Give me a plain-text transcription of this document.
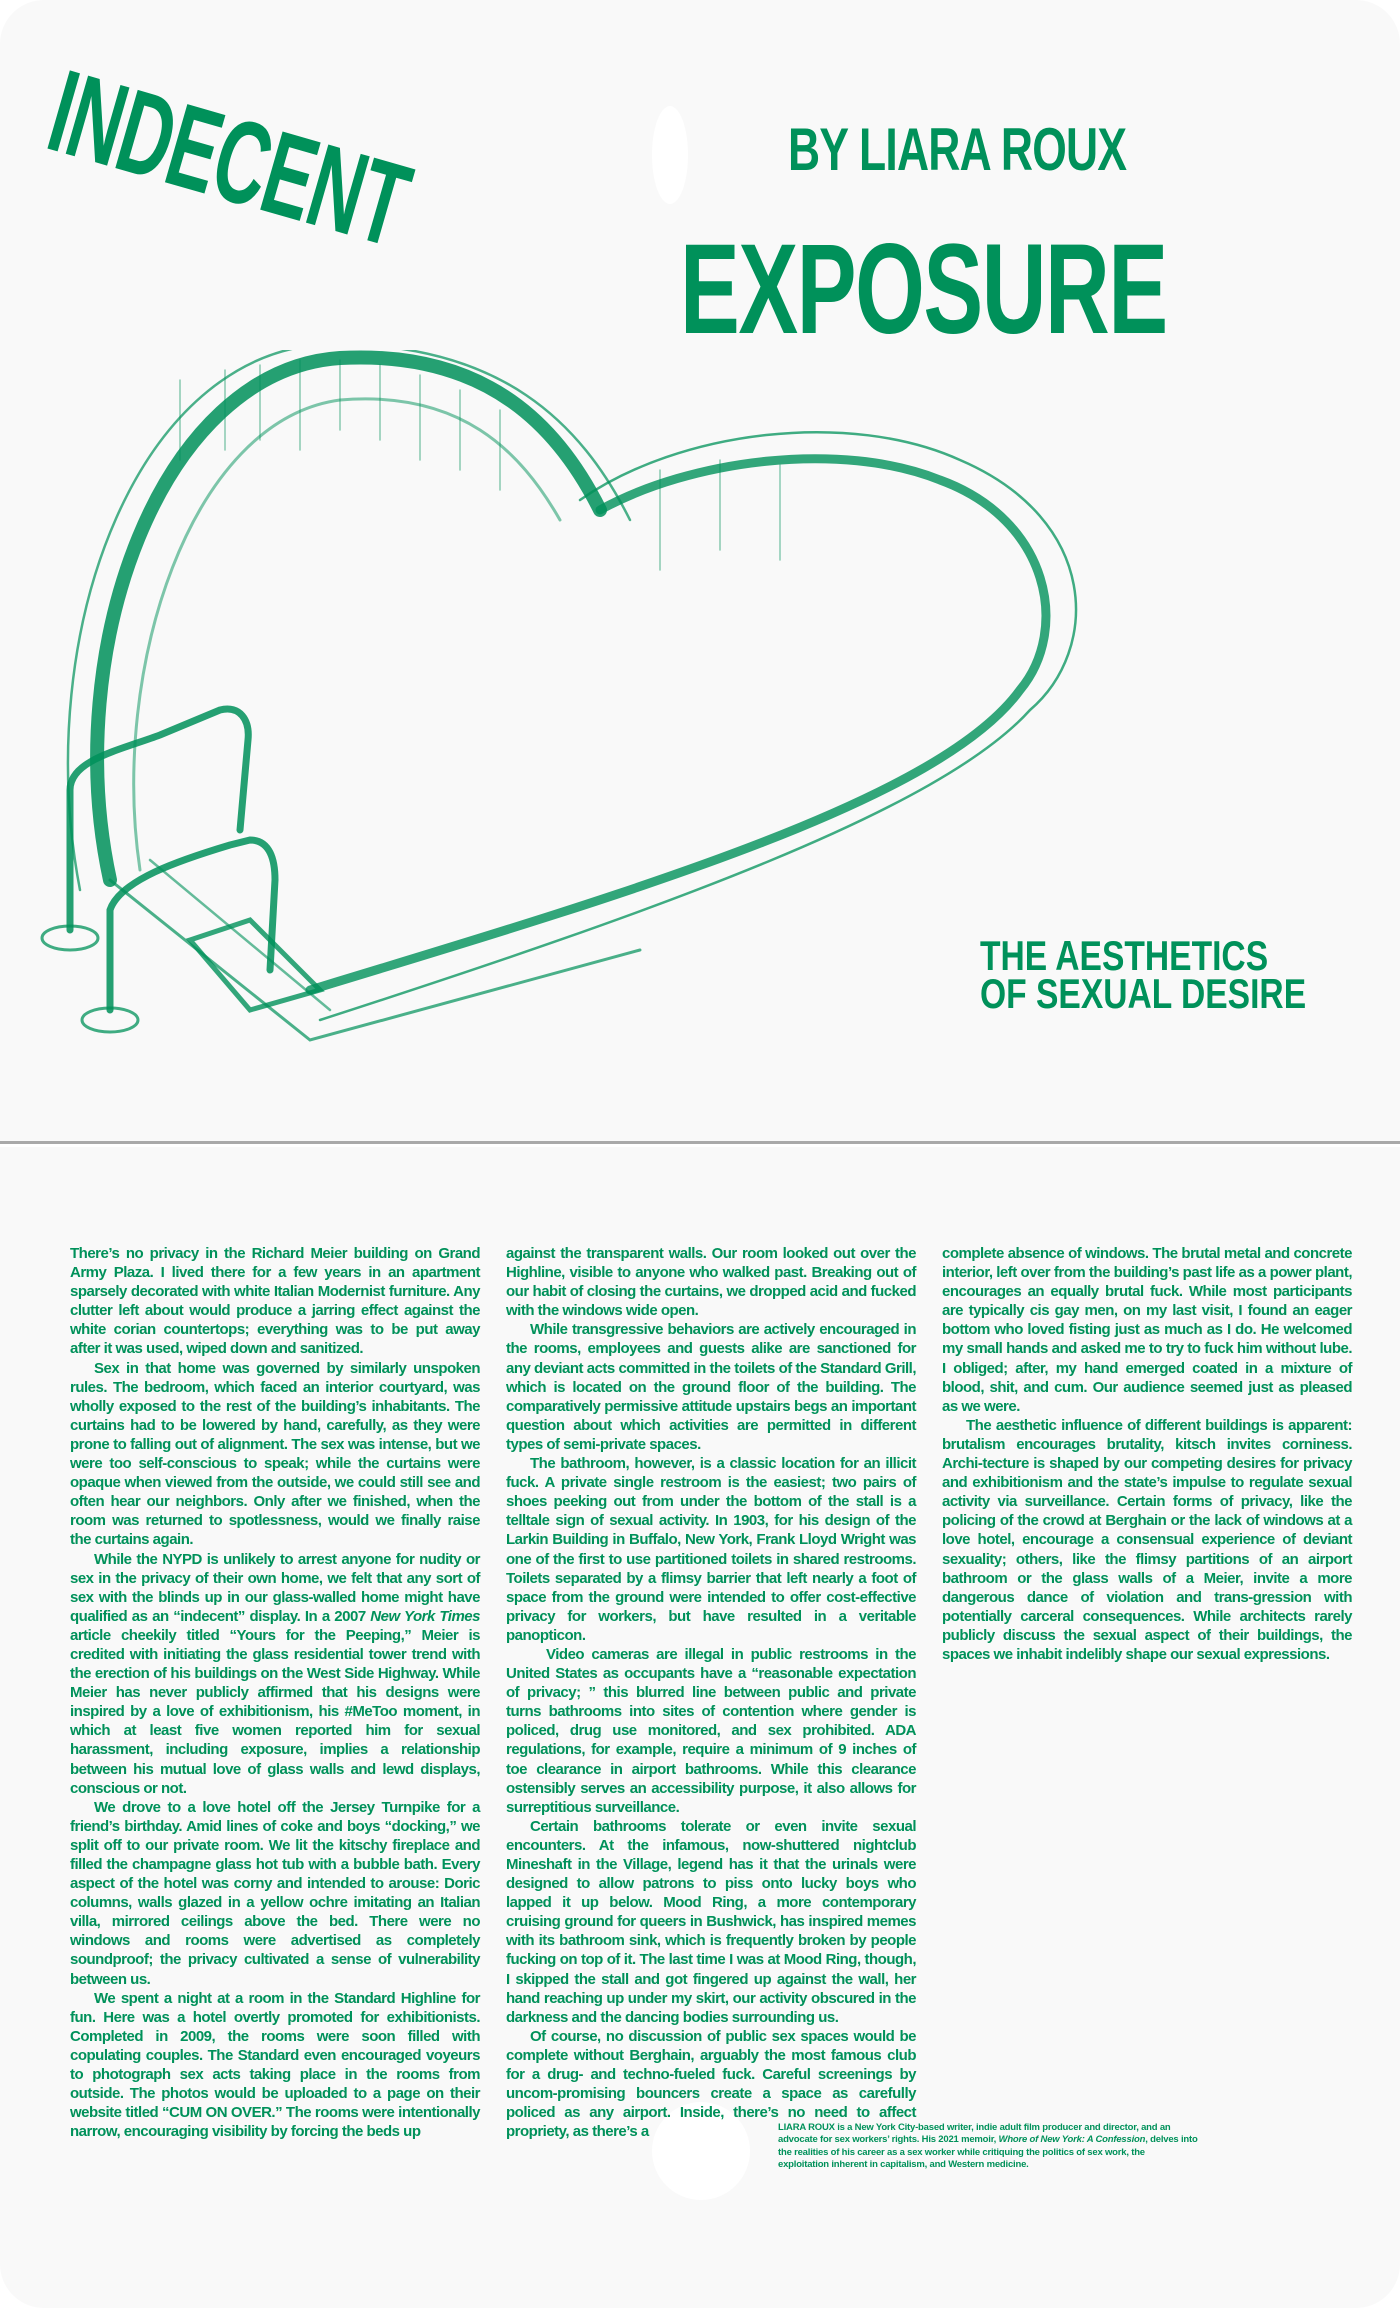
INDECENT	BY LIARA ROUX
EXPOSURE
THE AESTHETICS
OF SEXUAL DESIRE

There’s no privacy in the Richard Meier building on Grand Army Plaza. I lived there for a few years in an apartment sparsely decorated with white Italian Modernist furniture. Any clutter left about would produce a jarring effect against the white corian countertops; everything was to be put away after it was used, wiped down and sanitized.

Sex in that home was governed by similarly unspoken rules. The bedroom, which faced an interior courtyard, was wholly exposed to the rest of the building’s inhabitants. The curtains had to be lowered by hand, carefully, as they were prone to falling out of alignment. The sex was intense, but we were too self-conscious to speak; while the curtains were opaque when viewed from the outside, we could still see and often hear our neighbors. Only after we finished, when the room was returned to spotlessness, would we finally raise the curtains again.

While the NYPD is unlikely to arrest anyone for nudity or sex in the privacy of their own home, we felt that any sort of sex with the blinds up in our glass-walled home might have qualified as an “indecent” display. In a 2007 New York Times article cheekily titled “Yours for the Peeping,” Meier is credited with initiating the glass residential tower trend with the erection of his buildings on the West Side Highway. While Meier has never publicly affirmed that his designs were inspired by a love of exhibitionism, his #MeToo moment, in which at least five women reported him for sexual harassment, including exposure, implies a relationship between his mutual love of glass walls and lewd displays, conscious or not.

We drove to a love hotel off the Jersey Turnpike for a friend’s birthday. Amid lines of coke and boys “docking,” we split off to our private room. We lit the kitschy fireplace and filled the champagne glass hot tub with a bubble bath. Every aspect of the hotel was corny and intended to arouse: Doric columns, walls glazed in a yellow ochre imitating an Italian villa, mirrored ceilings above the bed. There were no windows and rooms were advertised as completely soundproof; the privacy cultivated a sense of vulnerability between us.

We spent a night at a room in the Standard Highline for fun. Here was a hotel overtly promoted for exhibitionists. Completed in 2009, the rooms were soon filled with copulating couples. The Standard even encouraged voyeurs to photograph sex acts taking place in the rooms from outside. The photos would be uploaded to a page on their website titled “CUM ON OVER.” The rooms were intentionally narrow, encouraging visibility by forcing the beds up

against the transparent walls. Our room looked out over the Highline, visible to anyone who walked past. Breaking out of our habit of closing the curtains, we dropped acid and fucked with the windows wide open.

While transgressive behaviors are actively encouraged in the rooms, employees and guests alike are sanctioned for any deviant acts committed in the toilets of the Standard Grill, which is located on the ground floor of the building. The comparatively permissive attitude upstairs begs an important question about which activities are permitted in different types of semi-private spaces.

The bathroom, however, is a classic location for an illicit fuck. A private single restroom is the easiest; two pairs of shoes peeking out from under the bottom of the stall is a telltale sign of sexual activity. In 1903, for his design of the Larkin Building in Buffalo, New York, Frank Lloyd Wright was one of the first to use partitioned toilets in shared restrooms. Toilets separated by a flimsy barrier that left nearly a foot of space from the ground were intended to offer cost-effective privacy for workers, but have resulted in a veritable panopticon.

Video cameras are illegal in public restrooms in the United States as occupants have a “reasonable expectation of privacy; ” this blurred line between public and private turns bathrooms into sites of contention where gender is policed, drug use monitored, and sex prohibited. ADA regulations, for example, require a minimum of 9 inches of toe clearance in airport bathrooms. While this clearance ostensibly serves an accessibility purpose, it also allows for surreptitious surveillance.

Certain bathrooms tolerate or even invite sexual encounters. At the infamous, now-shuttered nightclub Mineshaft in the Village, legend has it that the urinals were designed to allow patrons to piss onto lucky boys who lapped it up below. Mood Ring, a more contemporary cruising ground for queers in Bushwick, has inspired memes with its bathroom sink, which is frequently broken by people fucking on top of it. The last time I was at Mood Ring, though, I skipped the stall and got fingered up against the wall, her hand reaching up under my skirt, our activity obscured in the darkness and the dancing bodies surrounding us.

Of course, no discussion of public sex spaces would be complete without Berghain, arguably the most famous club for a drug- and techno-fueled fuck. Careful screenings by uncom-promising bouncers create a space as carefully policed as any airport. Inside, there’s no need to affect propriety, as there’s a

complete absence of windows. The brutal metal and concrete interior, left over from the building’s past life as a power plant, encourages an equally brutal fuck. While most participants are typically cis gay men, on my last visit, I found an eager bottom who loved fisting just as much as I do. He welcomed my small hands and asked me to try to fuck him without lube. I obliged; after, my hand emerged coated in a mixture of blood, shit, and cum. Our audience seemed just as pleased as we were.

The aesthetic influence of different buildings is apparent: brutalism encourages brutality, kitsch invites corniness. Archi-tecture is shaped by our competing desires for privacy and exhibitionism and the state’s impulse to regulate sexual activity via surveillance. Certain forms of privacy, like the policing of the crowd at Berghain or the lack of windows at a love hotel, encourage a consensual experience of deviant sexuality; others, like the flimsy partitions of an airport bathroom or the glass walls of a Meier, invite a more dangerous dance of violation and trans-gression with potentially carceral consequences. While architects rarely publicly discuss the sexual aspect of their buildings, the spaces we inhabit indelibly shape our sexual expressions.

LIARA ROUX is a New York City-based writer, indie adult film producer and director, and an advocate for sex workers’ rights. His 2021 memoir, Whore of New York: A Confession, delves into the realities of his career as a sex worker while critiquing the politics of sex work, the exploitation inherent in capitalism, and Western medicine.
